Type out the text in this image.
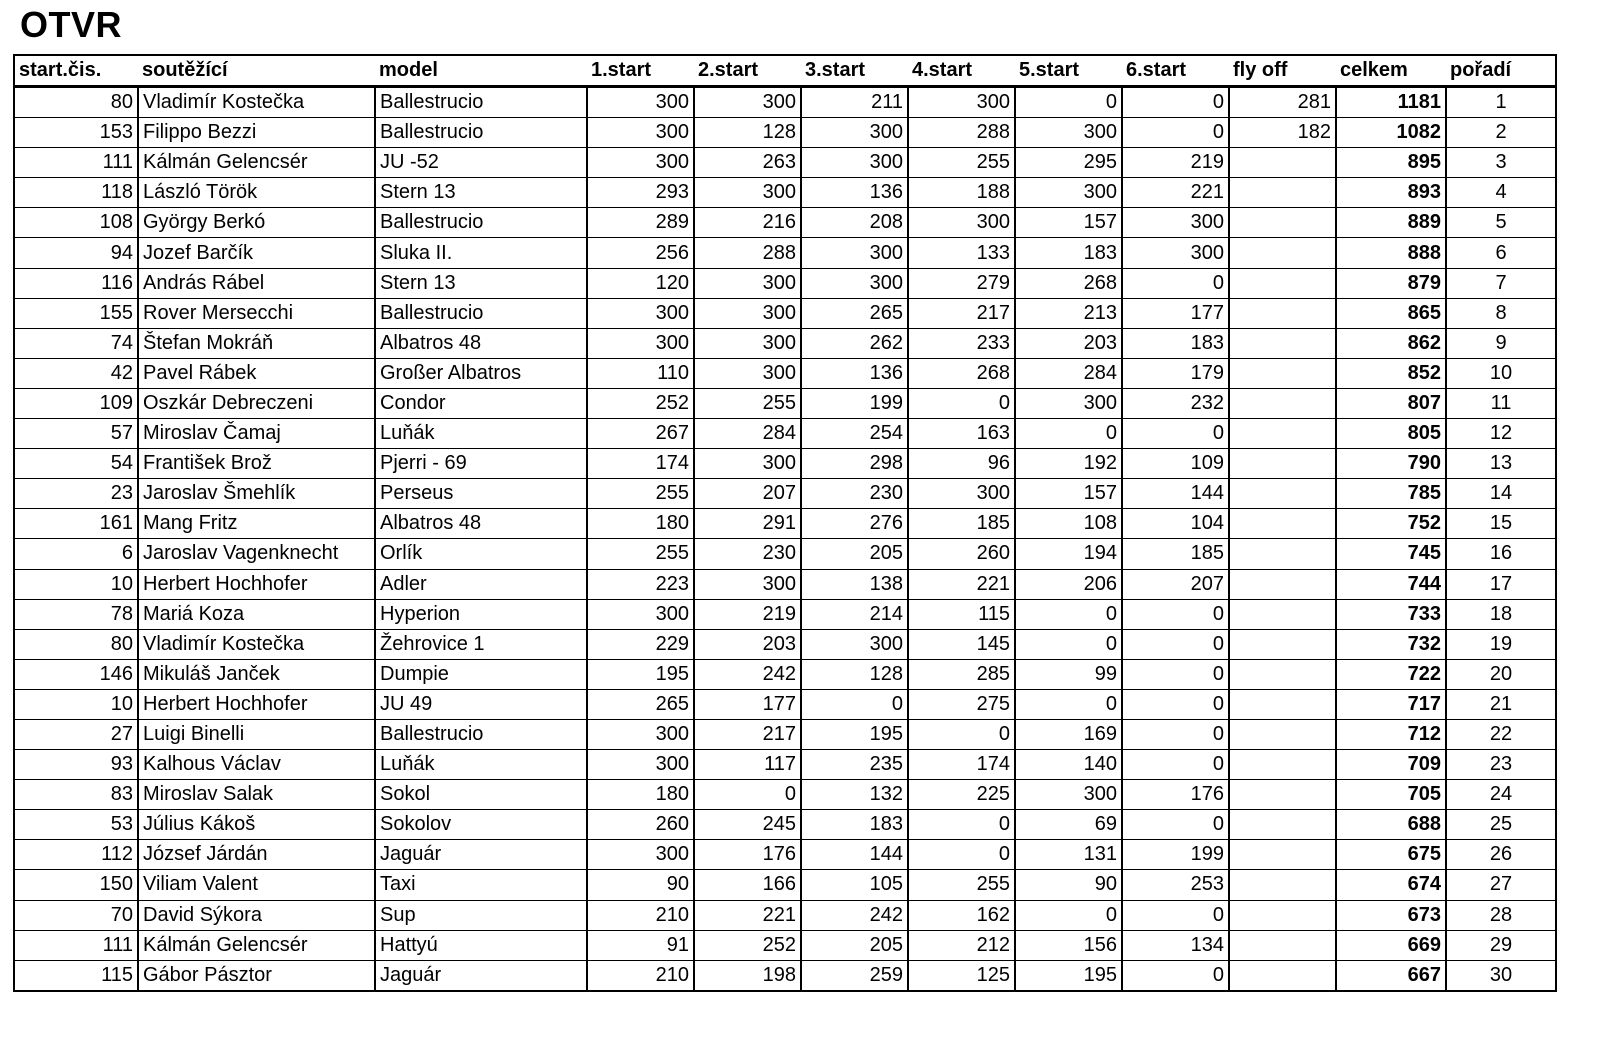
OTVR
start.čis.	soutěžící	model	1.start	2.start	3.start	4.start	5.start	6.start	fly off	celkem	pořadí
80	Vladimír Kostečka	Ballestrucio	300	300	211	300	0	0	281	1181	1
153	Filippo Bezzi	Ballestrucio	300	128	300	288	300	0	182	1082	2
111	Kálmán Gelencsér	JU -52	300	263	300	255	295	219		895	3
118	László Török	Stern 13	293	300	136	188	300	221		893	4
108	György Berkó	Ballestrucio	289	216	208	300	157	300		889	5
94	Jozef Barčík	Sluka II.	256	288	300	133	183	300		888	6
116	András Rábel	Stern 13	120	300	300	279	268	0		879	7
155	Rover Mersecchi	Ballestrucio	300	300	265	217	213	177		865	8
74	Štefan Mokráň	Albatros 48	300	300	262	233	203	183		862	9
42	Pavel Rábek	Großer Albatros	110	300	136	268	284	179		852	10
109	Oszkár Debreczeni	Condor	252	255	199	0	300	232		807	11
57	Miroslav Čamaj	Luňák	267	284	254	163	0	0		805	12
54	František Brož	Pjerri - 69	174	300	298	96	192	109		790	13
23	Jaroslav Šmehlík	Perseus	255	207	230	300	157	144		785	14
161	Mang Fritz	Albatros 48	180	291	276	185	108	104		752	15
6	Jaroslav Vagenknecht	Orlík	255	230	205	260	194	185		745	16
10	Herbert Hochhofer	Adler	223	300	138	221	206	207		744	17
78	Mariá Koza	Hyperion	300	219	214	115	0	0		733	18
80	Vladimír Kostečka	Žehrovice 1	229	203	300	145	0	0		732	19
146	Mikuláš Janček	Dumpie	195	242	128	285	99	0		722	20
10	Herbert Hochhofer	JU 49	265	177	0	275	0	0		717	21
27	Luigi Binelli	Ballestrucio	300	217	195	0	169	0		712	22
93	Kalhous Václav	Luňák	300	117	235	174	140	0		709	23
83	Miroslav Salak	Sokol	180	0	132	225	300	176		705	24
53	Július Kákoš	Sokolov	260	245	183	0	69	0		688	25
112	József Járdán	Jaguár	300	176	144	0	131	199		675	26
150	Viliam Valent	Taxi	90	166	105	255	90	253		674	27
70	David Sýkora	Sup	210	221	242	162	0	0		673	28
111	Kálmán Gelencsér	Hattyú	91	252	205	212	156	134		669	29
115	Gábor Pásztor	Jaguár	210	198	259	125	195	0		667	30
